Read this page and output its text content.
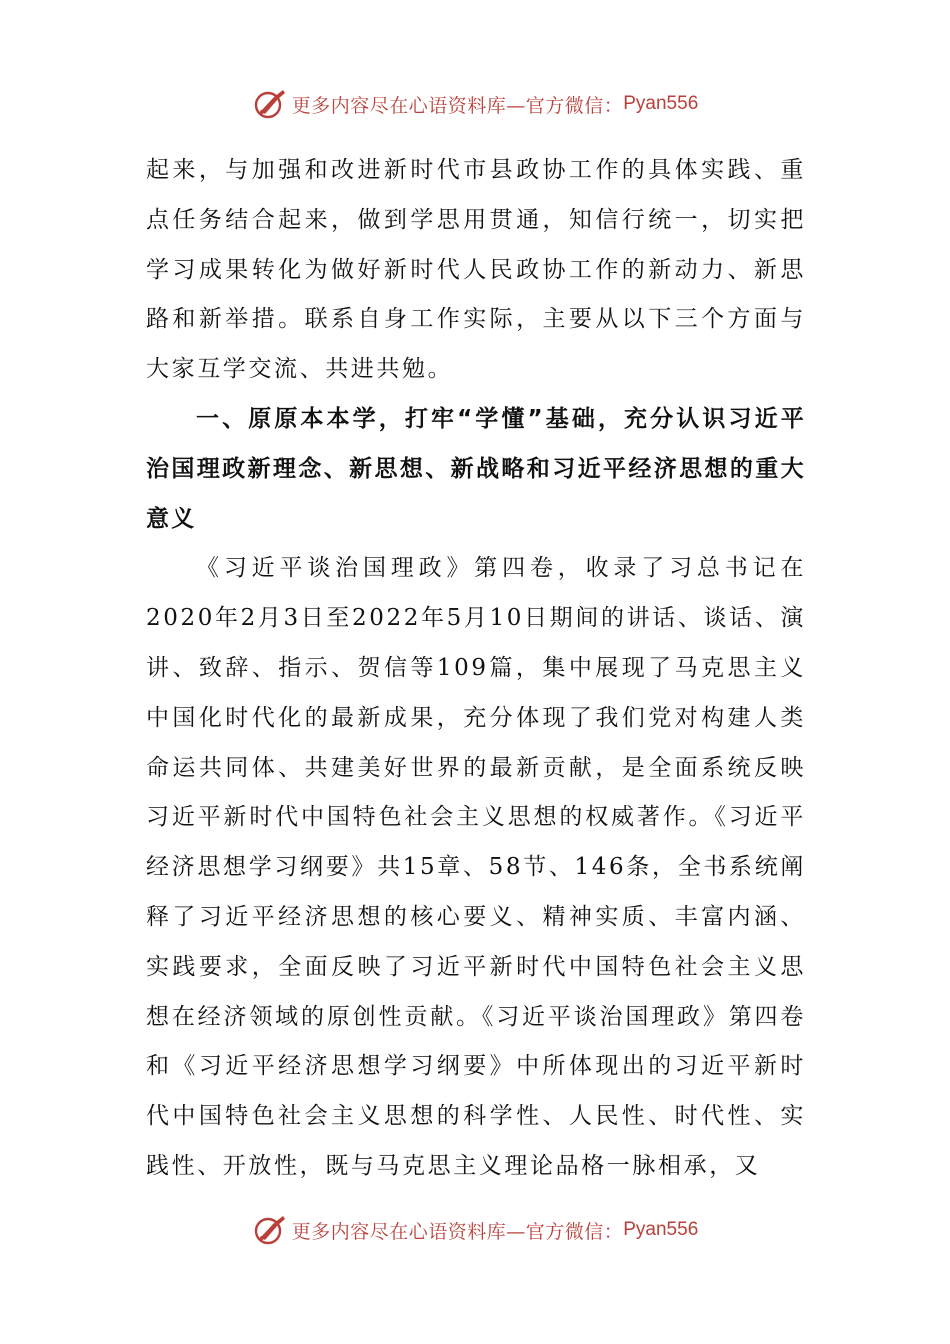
更多内容尽在心语资料库—官方微信： Pyan556

起来，与加强和改进新时代市县政协工作的具体实践、重点任务结合起来，做到学思用贯通，知信行统一，切实把学习成果转化为做好新时代人民政协工作的新动力、新思路和新举措。联系自身工作实际，主要从以下三个方面与大家互学交流、共进共勉。

一、原原本本学，打牢“学懂”基础，充分认识习近平治国理政新理念、新思想、新战略和习近平经济思想的重大意义

《习近平谈治国理政》第四卷，收录了习总书记在2020年2月3日至2022年5月10日期间的讲话、谈话、演讲、致辞、指示、贺信等109篇，集中展现了马克思主义中国化时代化的最新成果，充分体现了我们党对构建人类命运共同体、共建美好世界的最新贡献，是全面系统反映习近平新时代中国特色社会主义思想的权威著作。《习近平经济思想学习纲要》共15章、58节、146条，全书系统阐释了习近平经济思想的核心要义、精神实质、丰富内涵、实践要求，全面反映了习近平新时代中国特色社会主义思想在经济领域的原创性贡献。《习近平谈治国理政》第四卷和《习近平经济思想学习纲要》中所体现出的习近平新时代中国特色社会主义思想的科学性、人民性、时代性、实践性、开放性，既与马克思主义理论品格一脉相承，又

更多内容尽在心语资料库—官方微信： Pyan556
